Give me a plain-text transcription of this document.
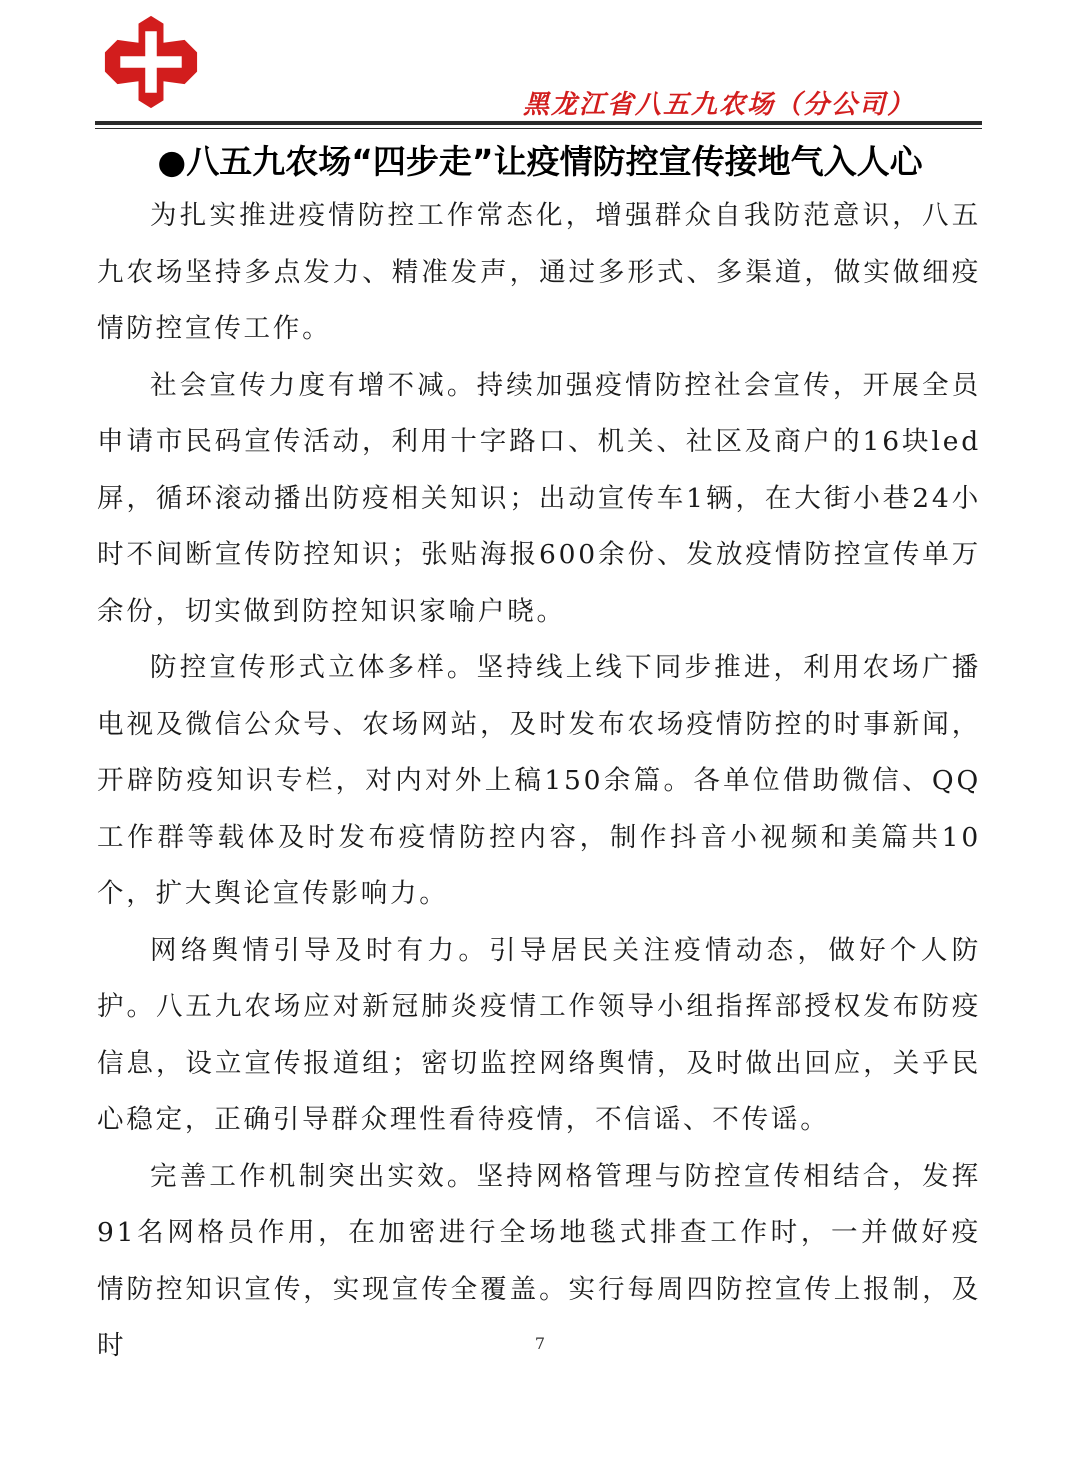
黑龙江省八五九农场（分公司）
●八五九农场“四步走”让疫情防控宣传接地气入人心

为扎实推进疫情防控工作常态化，增强群众自我防范意识，八五九农场坚持多点发力、精准发声，通过多形式、多渠道，做实做细疫情防控宣传工作。

社会宣传力度有增不减。持续加强疫情防控社会宣传，开展全员申请市民码宣传活动，利用十字路口、机关、社区及商户的16块led屏，循环滚动播出防疫相关知识；出动宣传车1辆，在大街小巷24小时不间断宣传防控知识；张贴海报600余份、发放疫情防控宣传单万余份，切实做到防控知识家喻户晓。

防控宣传形式立体多样。坚持线上线下同步推进，利用农场广播电视及微信公众号、农场网站，及时发布农场疫情防控的时事新闻，开辟防疫知识专栏，对内对外上稿150余篇。各单位借助微信、QQ工作群等载体及时发布疫情防控内容，制作抖音小视频和美篇共10个，扩大舆论宣传影响力。

网络舆情引导及时有力。引导居民关注疫情动态，做好个人防护。八五九农场应对新冠肺炎疫情工作领导小组指挥部授权发布防疫信息，设立宣传报道组；密切监控网络舆情，及时做出回应，关乎民心稳定，正确引导群众理性看待疫情，不信谣、不传谣。

完善工作机制突出实效。坚持网格管理与防控宣传相结合，发挥91名网格员作用，在加密进行全场地毯式排查工作时，一并做好疫情防控知识宣传，实现宣传全覆盖。实行每周四防控宣传上报制，及时	7
